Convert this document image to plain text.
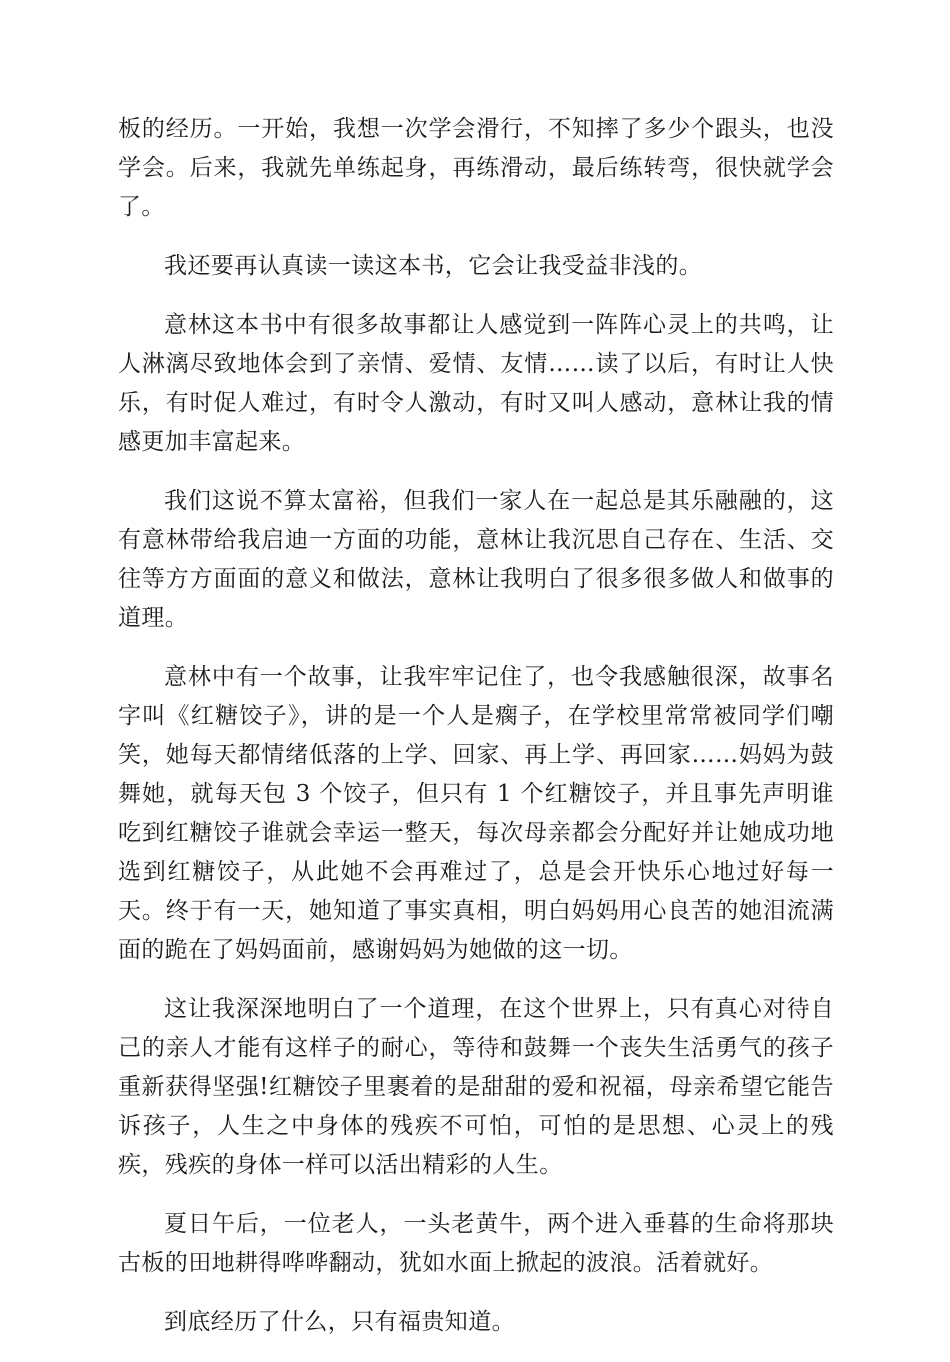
板的经历。一开始，我想一次学会滑行，不知摔了多少个跟头，也没学会。后来，我就先单练起身，再练滑动，最后练转弯，很快就学会了。

我还要再认真读一读这本书，它会让我受益非浅的。

意林这本书中有很多故事都让人感觉到一阵阵心灵上的共鸣，让人淋漓尽致地体会到了亲情、爱情、友情……读了以后，有时让人快乐，有时促人难过，有时令人激动，有时又叫人感动，意林让我的情感更加丰富起来。

我们这说不算太富裕，但我们一家人在一起总是其乐融融的，这有意林带给我启迪一方面的功能，意林让我沉思自己存在、生活、交往等方方面面的意义和做法，意林让我明白了很多很多做人和做事的道理。

意林中有一个故事，让我牢牢记住了，也令我感触很深，故事名字叫《红糖饺子》，讲的是一个人是瘸子，在学校里常常被同学们嘲笑，她每天都情绪低落的上学、回家、再上学、再回家……妈妈为鼓舞她，就每天包 3 个饺子，但只有 1 个红糖饺子，并且事先声明谁吃到红糖饺子谁就会幸运一整天，每次母亲都会分配好并让她成功地选到红糖饺子，从此她不会再难过了，总是会开快乐心地过好每一天。终于有一天，她知道了事实真相，明白妈妈用心良苦的她泪流满面的跪在了妈妈面前，感谢妈妈为她做的这一切。

这让我深深地明白了一个道理，在这个世界上，只有真心对待自己的亲人才能有这样子的耐心，等待和鼓舞一个丧失生活勇气的孩子重新获得坚强!红糖饺子里裹着的是甜甜的爱和祝福，母亲希望它能告诉孩子，人生之中身体的残疾不可怕，可怕的是思想、心灵上的残疾，残疾的身体一样可以活出精彩的人生。

夏日午后，一位老人，一头老黄牛，两个进入垂暮的生命将那块古板的田地耕得哗哗翻动，犹如水面上掀起的波浪。活着就好。

到底经历了什么，只有福贵知道。
